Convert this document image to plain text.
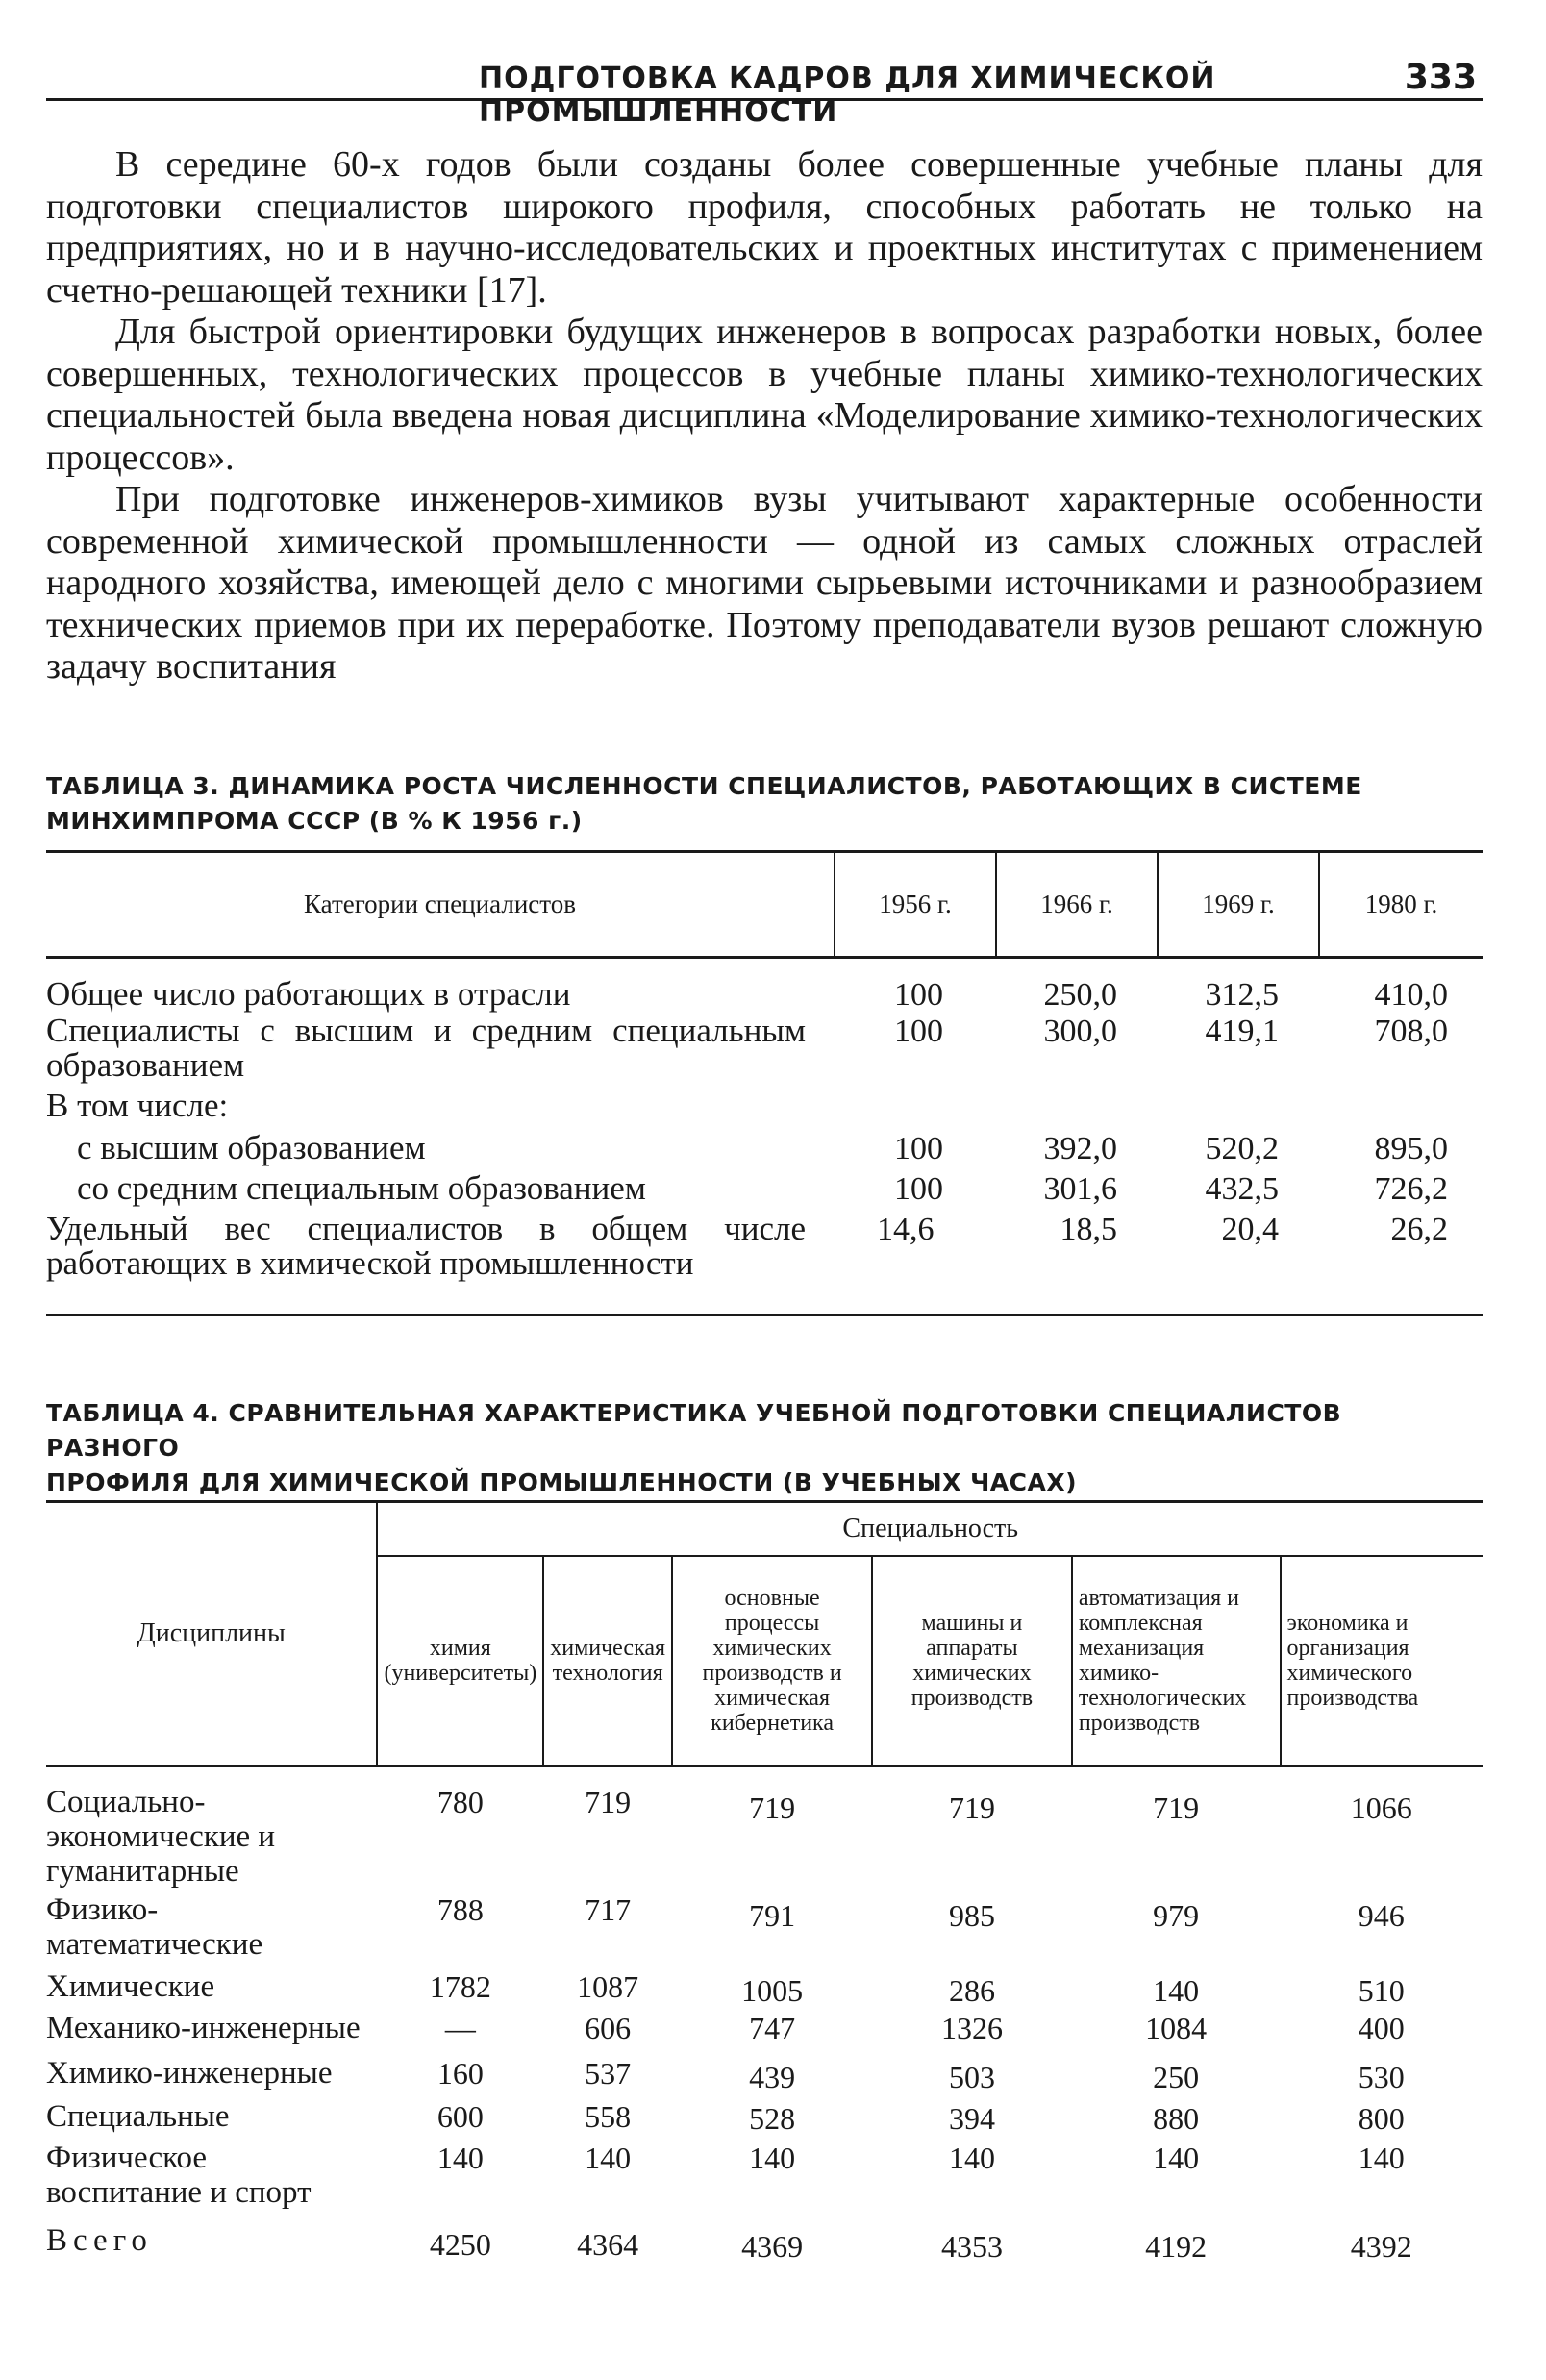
ПОДГОТОВКА КАДРОВ ДЛЯ ХИМИЧЕСКОЙ ПРОМЫШЛЕННОСТИ
333

В середине 60-х годов были созданы более совершенные учебные планы для подготовки специалистов широкого профиля, способных работать не только на предприятиях, но и в научно-исследовательских и проектных институтах с применением счетно-решающей техники [17].

Для быстрой ориентировки будущих инженеров в вопросах разработки новых, более совершенных, технологических процессов в учебные планы химико-технологических специальностей была введена новая дисциплина «Моделирование химико-технологических процессов».

При подготовке инженеров-химиков вузы учитывают характерные особенности современной химической промышленности — одной из самых сложных отраслей народного хозяйства, имеющей дело с многими сырьевыми источниками и разнообразием технических приемов при их переработке. Поэтому преподаватели вузов решают сложную задачу воспитания

ТАБЛИЦА 3. ДИНАМИКА РОСТА ЧИСЛЕННОСТИ СПЕЦИАЛИСТОВ, РАБОТАЮЩИХ В СИСТЕМЕ
МИНХИМПРОМА СССР (В % К 1956 г.)
Категории специалистов	1956 г.	1966 г.	1969 г.	1980 г.

Общее число работающих в отрасли	100	250,0	312,5	410,0
Специалисты с высшим и средним специальным образованием	100	300,0	419,1	708,0
В том числе:				
с высшим образованием	100	392,0	520,2	895,0
со средним специальным образованием	100	301,6	432,5	726,2
Удельный вес специалистов в общем числе работающих в химической промышленности	14,6	18,5	20,4	26,2

ТАБЛИЦА 4. СРАВНИТЕЛЬНАЯ ХАРАКТЕРИСТИКА УЧЕБНОЙ ПОДГОТОВКИ СПЕЦИАЛИСТОВ РАЗНОГО
ПРОФИЛЯ ДЛЯ ХИМИЧЕСКОЙ ПРОМЫШЛЕННОСТИ (В УЧЕБНЫХ ЧАСАХ)
Дисциплины	Специальность					
	химия (университеты)	химическая технология	основные процессы химических производств и химическая кибернетика	машины и аппараты химических производств	автоматизация и комплексная механизация химико-технологических производств	экономика и организация химического производства

Социально-экономические и гуманитарные	780	719	719	719	719	1066
Физико-математические	788	717	791	985	979	946
Химические	1782	1087	1005	286	140	510
Механико-инженерные	—	606	747	1326	1084	400
Химико-инженерные	160	537	439	503	250	530
Специальные	600	558	528	394	880	800
Физическое воспитание и спорт	140	140	140	140	140	140
Всего	4250	4364	4369	4353	4192	4392
